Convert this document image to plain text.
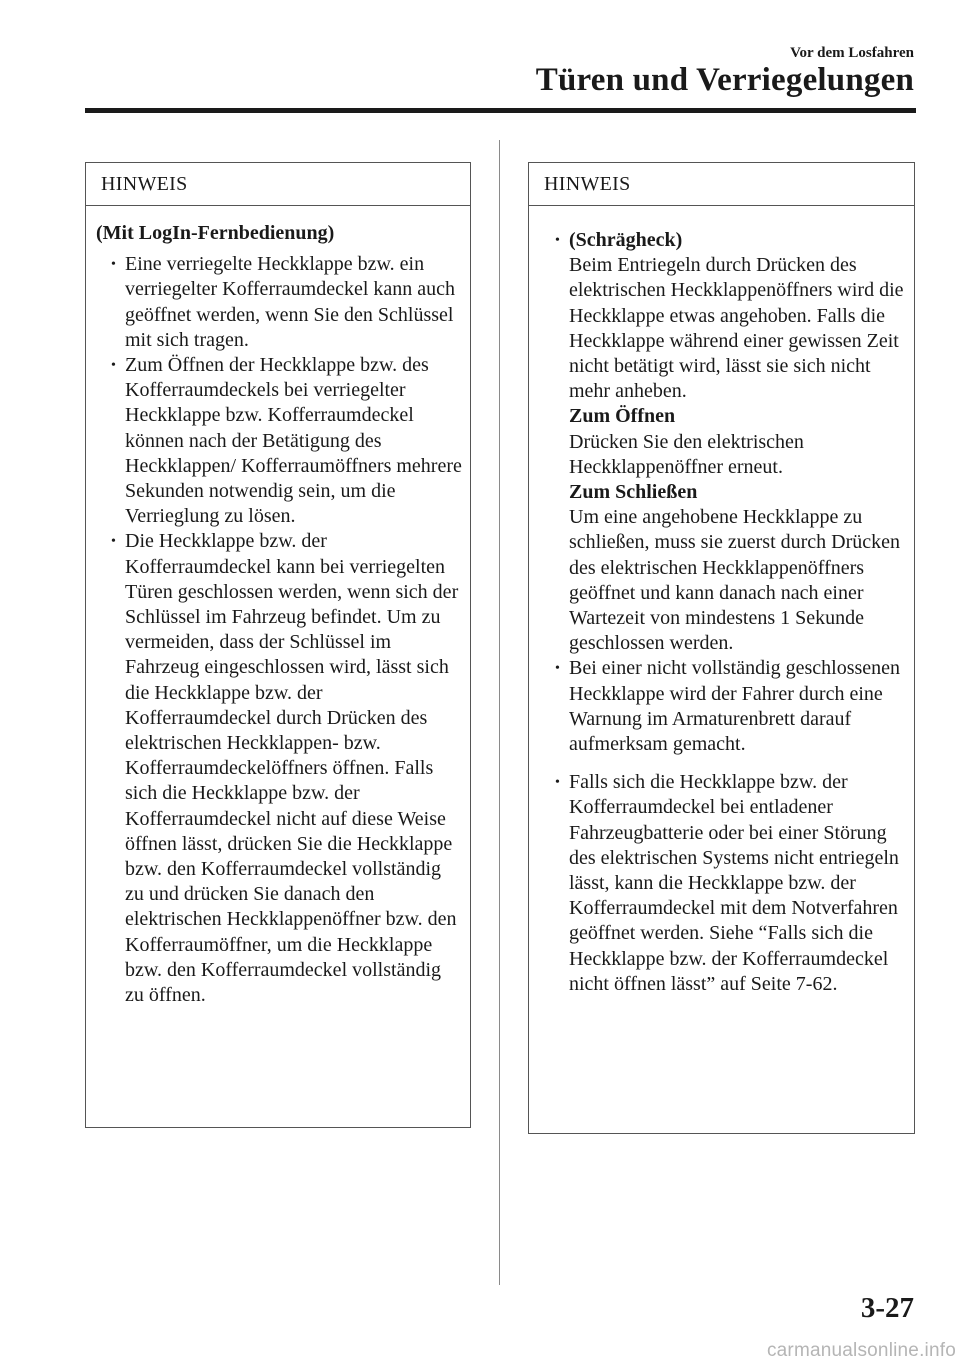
Vor dem Losfahren
Türen und Verriegelungen
HINWEIS
(Mit LogIn-Fernbedienung)
• Eine verriegelte Heckklappe bzw. ein verriegelter Kofferraumdeckel kann auch geöffnet werden, wenn Sie den Schlüssel mit sich tragen.
• Zum Öffnen der Heckklappe bzw. des Kofferraumdeckels bei verriegelter Heckklappe bzw. Kofferraumdeckel können nach der Betätigung des Heckklappen/ Kofferraumöffners mehrere Sekunden notwendig sein, um die Verrieglung zu lösen.
• Die Heckklappe bzw. der Kofferraumdeckel kann bei verriegelten Türen geschlossen werden, wenn sich der Schlüssel im Fahrzeug befindet. Um zu vermeiden, dass der Schlüssel im Fahrzeug eingeschlossen wird, lässt sich die Heckklappe bzw. der Kofferraumdeckel durch Drücken des elektrischen Heckklappen- bzw. Kofferraumdeckelöffners öffnen. Falls sich die Heckklappe bzw. der Kofferraumdeckel nicht auf diese Weise öffnen lässt, drücken Sie die Heckklappe bzw. den Kofferraumdeckel vollständig zu und drücken Sie danach den elektrischen Heckklappenöffner bzw. den Kofferraumöffner, um die Heckklappe bzw. den Kofferraumdeckel vollständig zu öffnen.
HINWEIS
• (Schrägheck)
Beim Entriegeln durch Drücken des elektrischen Heckklappenöffners wird die Heckklappe etwas angehoben. Falls die Heckklappe während einer gewissen Zeit nicht betätigt wird, lässt sie sich nicht mehr anheben.
Zum Öffnen
Drücken Sie den elektrischen Heckklappenöffner erneut.
Zum Schließen
Um eine angehobene Heckklappe zu schließen, muss sie zuerst durch Drücken des elektrischen Heckklappenöffners geöffnet und kann danach nach einer Wartezeit von mindestens 1 Sekunde geschlossen werden.
• Bei einer nicht vollständig geschlossenen Heckklappe wird der Fahrer durch eine Warnung im Armaturenbrett darauf aufmerksam gemacht.
• Falls sich die Heckklappe bzw. der Kofferraumdeckel bei entladener Fahrzeugbatterie oder bei einer Störung des elektrischen Systems nicht entriegeln lässt, kann die Heckklappe bzw. der Kofferraumdeckel mit dem Notverfahren geöffnet werden. Siehe “Falls sich die Heckklappe bzw. der Kofferraumdeckel nicht öffnen lässt” auf Seite 7-62.
3-27
carmanualsonline.info
